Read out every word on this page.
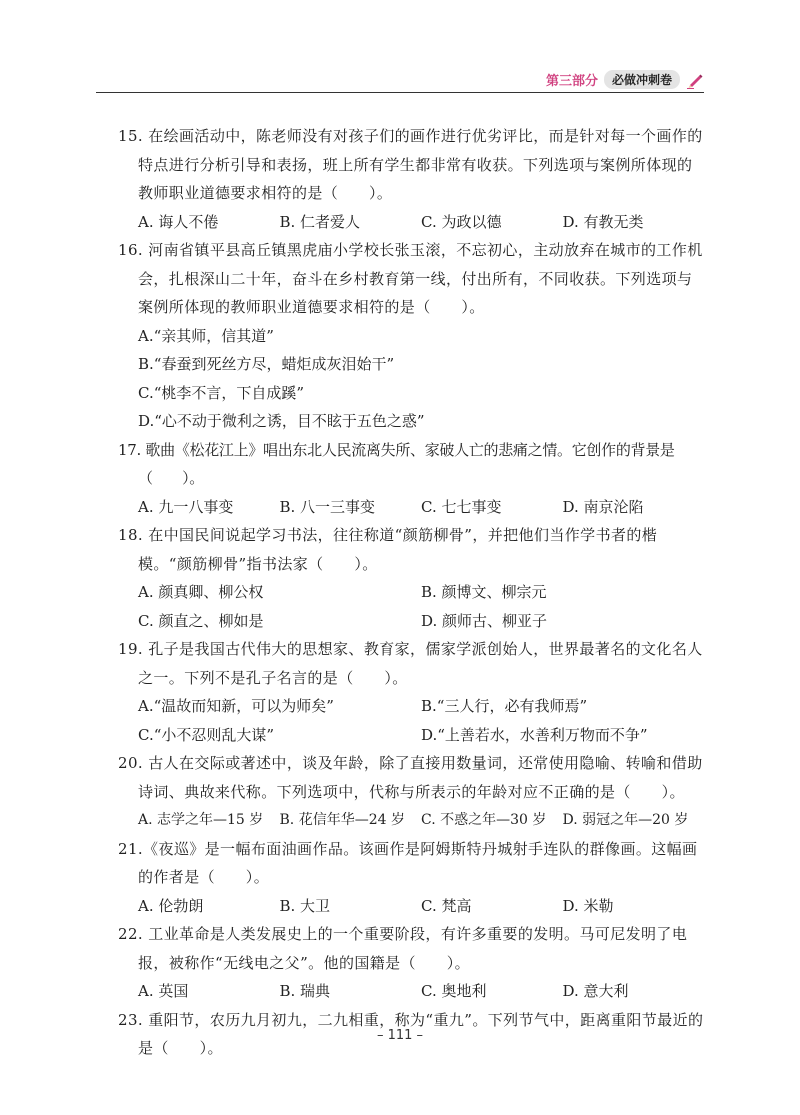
第三部分	必做冲刺卷
15. 在绘画活动中，陈老师没有对孩子们的画作进行优劣评比，而是针对每一个画作的特点进行分析引导和表扬，班上所有学生都非常有收获。下列选项与案例所体现的教师职业道德要求相符的是（　　）。
A. 诲人不倦	B. 仁者爱人	C. 为政以德	D. 有教无类
16. 河南省镇平县高丘镇黑虎庙小学校长张玉滚，不忘初心，主动放弃在城市的工作机会，扎根深山二十年，奋斗在乡村教育第一线，付出所有，不同收获。下列选项与案例所体现的教师职业道德要求相符的是（　　）。
A.“亲其师，信其道”
B.“春蚕到死丝方尽，蜡炬成灰泪始干”
C.“桃李不言，下自成蹊”
D.“心不动于微利之诱，目不眩于五色之惑”
17. 歌曲《松花江上》唱出东北人民流离失所、家破人亡的悲痛之情。它创作的背景是（　　）。
A. 九一八事变	B. 八一三事变	C. 七七事变	D. 南京沦陷
18. 在中国民间说起学习书法，往往称道“颜筋柳骨”，并把他们当作学书者的楷模。“颜筋柳骨”指书法家（　　）。
A. 颜真卿、柳公权	B. 颜博文、柳宗元
C. 颜直之、柳如是	D. 颜师古、柳亚子
19. 孔子是我国古代伟大的思想家、教育家，儒家学派创始人，世界最著名的文化名人之一。下列不是孔子名言的是（　　）。
A.“温故而知新，可以为师矣”	B.“三人行，必有我师焉”
C.“小不忍则乱大谋”	D.“上善若水，水善利万物而不争”
20. 古人在交际或著述中，谈及年龄，除了直接用数量词，还常使用隐喻、转喻和借助诗词、典故来代称。下列选项中，代称与所表示的年龄对应不正确的是（　　）。
A. 志学之年—15 岁	B. 花信年华—24 岁	C. 不惑之年—30 岁	D. 弱冠之年—20 岁
21.《夜巡》是一幅布面油画作品。该画作是阿姆斯特丹城射手连队的群像画。这幅画的作者是（　　）。
A. 伦勃朗	B. 大卫	C. 梵高	D. 米勒
22. 工业革命是人类发展史上的一个重要阶段，有许多重要的发明。马可尼发明了电报，被称作“无线电之父”。他的国籍是（　　）。
A. 英国	B. 瑞典	C. 奥地利	D. 意大利
23. 重阳节，农历九月初九，二九相重，称为“重九”。下列节气中，距离重阳节最近的是（　　）。
– 111 –
